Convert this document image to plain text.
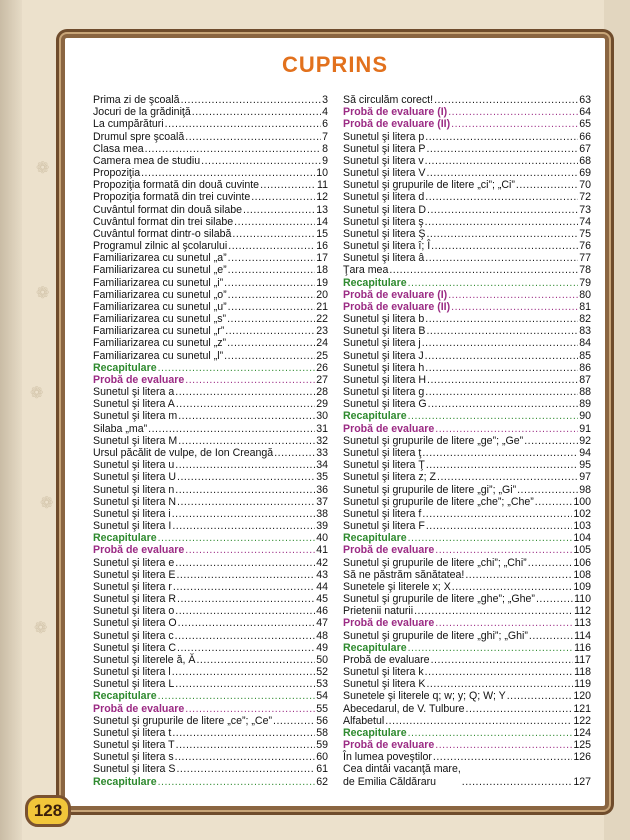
❁
❁
❁
❁
❁
CUPRINS
Prima zi de şcoală .....	3
Jocuri de la grădiniţă .....	4
La cumpărături .....	6
Drumul spre şcoală .....	7
Clasa mea .....	8
Camera mea de studiu .....	9
Propoziţia .....	10
Propoziţia formată din două cuvinte .....	11
Propoziţia formată din trei cuvinte .....	12
Cuvântul format din două silabe .....	13
Cuvântul format din trei silabe .....	14
Cuvântul format dintr-o silabă .....	15
Programul zilnic al şcolarului .....	16
Familiarizarea cu sunetul „a” .....	17
Familiarizarea cu sunetul „e” .....	18
Familiarizarea cu sunetul „i” .....	19
Familiarizarea cu sunetul „o” .....	20
Familiarizarea cu sunetul „u” .....	21
Familiarizarea cu sunetul „s” .....	22
Familiarizarea cu sunetul „r” .....	23
Familiarizarea cu sunetul „z” .....	24
Familiarizarea cu sunetul „l” .....	25
Recapitulare .....	26
Probă de evaluare .....	27
Sunetul şi litera a .....	28
Sunetul şi litera A .....	29
Sunetul şi litera m .....	30
Silaba „ma” .....	31
Sunetul şi litera M .....	32
Ursul păcălit de vulpe, de Ion Creangă .....	33
Sunetul şi litera u .....	34
Sunetul şi litera U .....	35
Sunetul şi litera n .....	36
Sunetul şi litera N .....	37
Sunetul şi litera i .....	38
Sunetul şi litera I .....	39
Recapitulare .....	40
Probă de evaluare .....	41
Sunetul şi litera e .....	42
Sunetul şi litera E .....	43
Sunetul şi litera r .....	44
Sunetul şi litera R .....	45
Sunetul şi litera o .....	46
Sunetul şi litera O .....	47
Sunetul şi litera c .....	48
Sunetul şi litera C .....	49
Sunetul şi literele ă, Ă .....	50
Sunetul şi litera l .....	52
Sunetul şi litera L .....	53
Recapitulare .....	54
Probă de evaluare .....	55
Sunetul şi grupurile de litere „ce”; „Ce” .....	56
Sunetul şi litera t .....	58
Sunetul şi litera T .....	59
Sunetul şi litera s .....	60
Sunetul şi litera S .....	61
Recapitulare .....	62
Să circulăm corect! .....	63
Probă de evaluare (I) .....	64
Probă de evaluare (II) .....	65
Sunetul şi litera p .....	66
Sunetul şi litera P .....	67
Sunetul şi litera v .....	68
Sunetul şi litera V .....	69
Sunetul şi grupurile de litere „ci”; „Ci” .....	70
Sunetul şi litera d .....	72
Sunetul şi litera D .....	73
Sunetul şi litera ş .....	74
Sunetul şi litera Ş .....	75
Sunetul şi litera î; Î .....	76
Sunetul şi litera â .....	77
Ţara mea .....	78
Recapitulare .....	79
Probă de evaluare (I) .....	80
Probă de evaluare (II) .....	81
Sunetul şi litera b .....	82
Sunetul şi litera B .....	83
Sunetul şi litera j .....	84
Sunetul şi litera J .....	85
Sunetul şi litera h .....	86
Sunetul şi litera H .....	87
Sunetul şi litera g .....	88
Sunetul şi litera G .....	89
Recapitulare .....	90
Probă de evaluare .....	91
Sunetul şi grupurile de litere „ge”; „Ge” .....	92
Sunetul şi litera ţ .....	94
Sunetul şi litera Ţ .....	95
Sunetul şi litera z; Z .....	97
Sunetul şi grupurile de litere „gi”; „Gi” .....	98
Sunetul şi grupurile de litere „che”; „Che” .....	100
Sunetul şi litera f .....	102
Sunetul şi litera F .....	103
Recapitulare .....	104
Probă de evaluare .....	105
Sunetul şi grupurile de litere „chi”; „Chi” .....	106
Să ne păstrăm sănătatea! .....	108
Sunetele şi literele x; X .....	109
Sunetul şi grupurile de litere „ghe”; „Ghe” .....	110
Prietenii naturii .....	112
Probă de evaluare .....	113
Sunetul şi grupurile de litere „ghi”; „Ghi” .....	114
Recapitulare .....	116
Probă de evaluare .....	117
Sunetul şi litera k .....	118
Sunetul şi litera K .....	119
Sunetele şi literele q; w; y; Q; W; Y .....	120
Abecedarul, de V. Tulbure .....	121
Alfabetul .....	122
Recapitulare .....	124
Probă de evaluare .....	125
În lumea poveştilor .....	126
Cea dintâi vacanţă mare,
de Emilia Căldăraru .....	127
128
